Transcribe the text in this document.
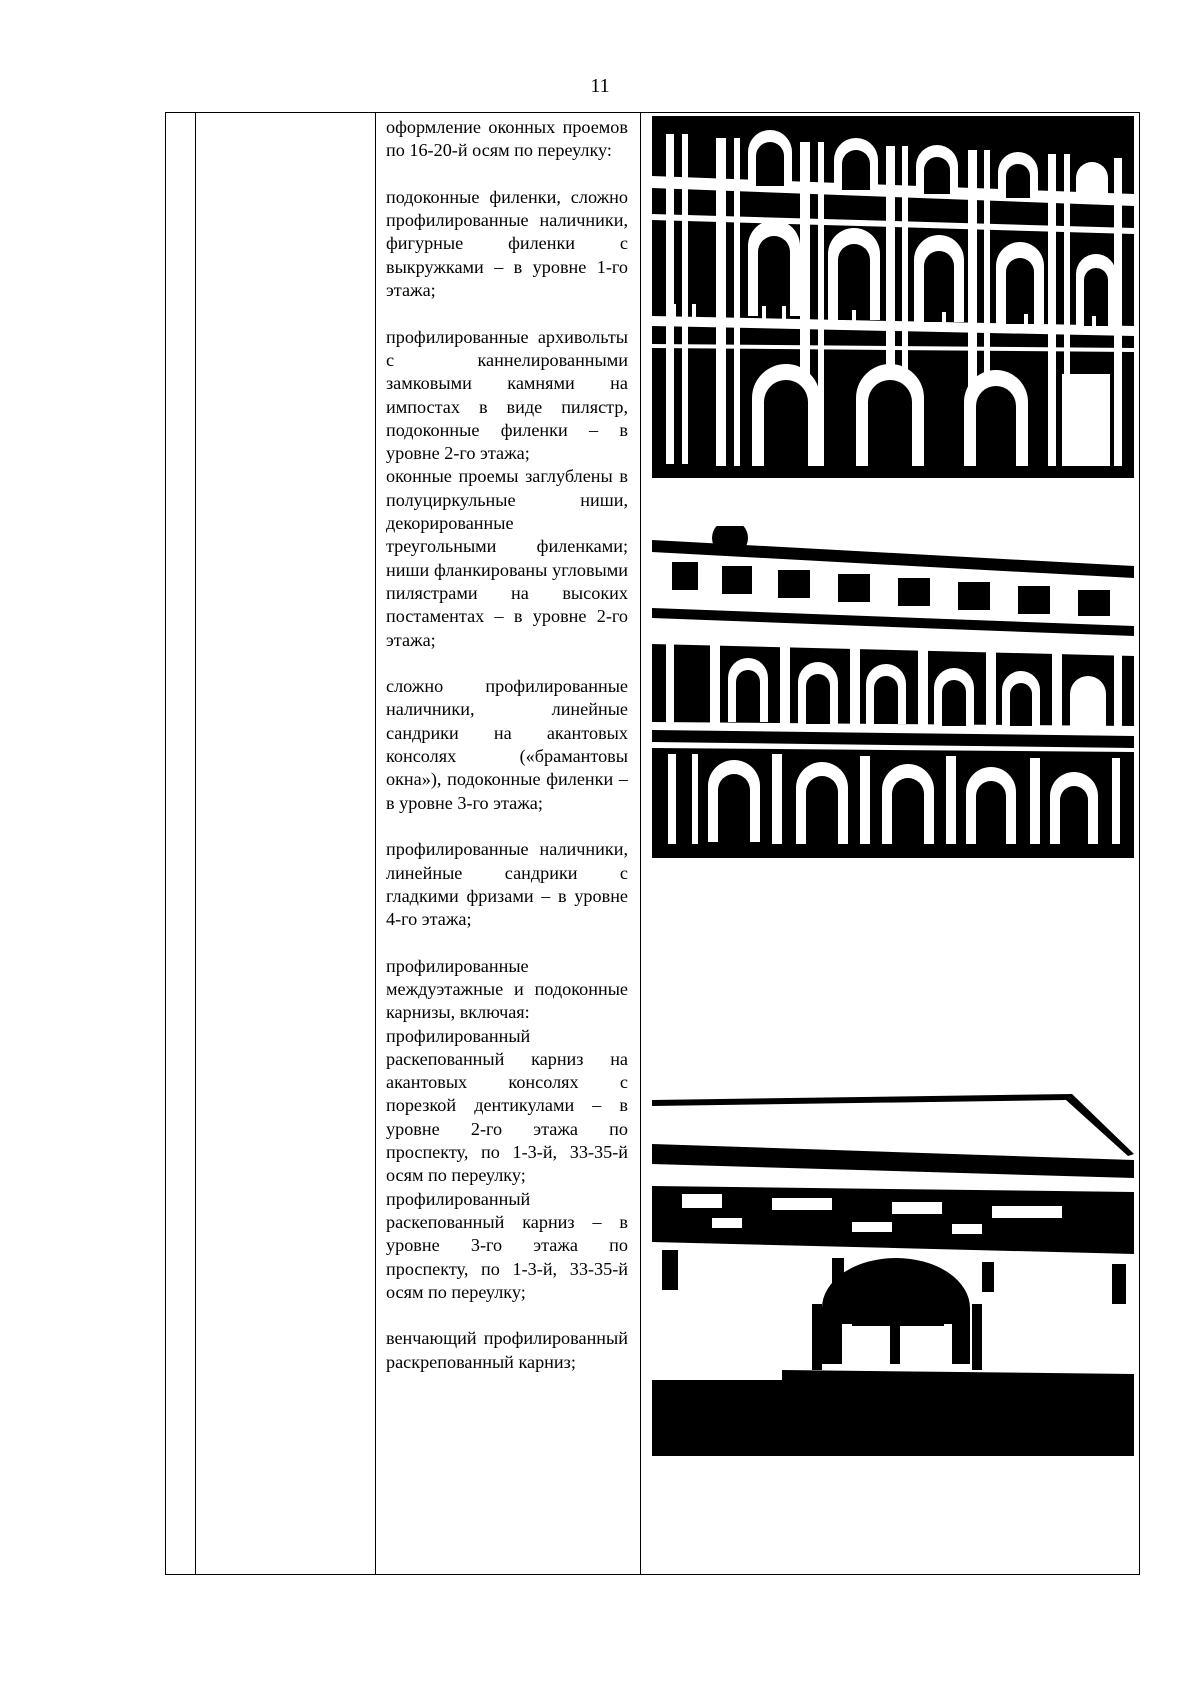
11

оформление оконных проемов по 16-20-й осям по переулку:

подоконные филенки, сложно профилированные наличники, фигурные филенки с выкружками – в уровне 1-го этажа;

профилированные архивольты с каннелированными замковыми камнями на импостах в виде пилястр, подоконные филенки – в уровне 2-го этажа;

оконные проемы заглублены в полуциркульные ниши, декорированные треугольными филенками; ниши фланкированы угловыми пилястрами на высоких постаментах – в уровне 2-го этажа;

сложно профилированные наличники, линейные сандрики на акантовых консолях («брамантовы окна»), подоконные филенки – в уровне 3-го этажа;

профилированные наличники, линейные сандрики с гладкими фризами – в уровне 4-го этажа;

профилированные междуэтажные и подоконные карнизы, включая:

профилированный раскепованный карниз на акантовых консолях с порезкой дентикулами – в уровне 2-го этажа по проспекту, по 1-3-й, 33-35-й осям по переулку;

профилированный раскепованный карниз – в уровне 3-го этажа по проспекту, по 1-3-й, 33-35-й осям по переулку;

венчающий профилированный раскрепованный карниз;
